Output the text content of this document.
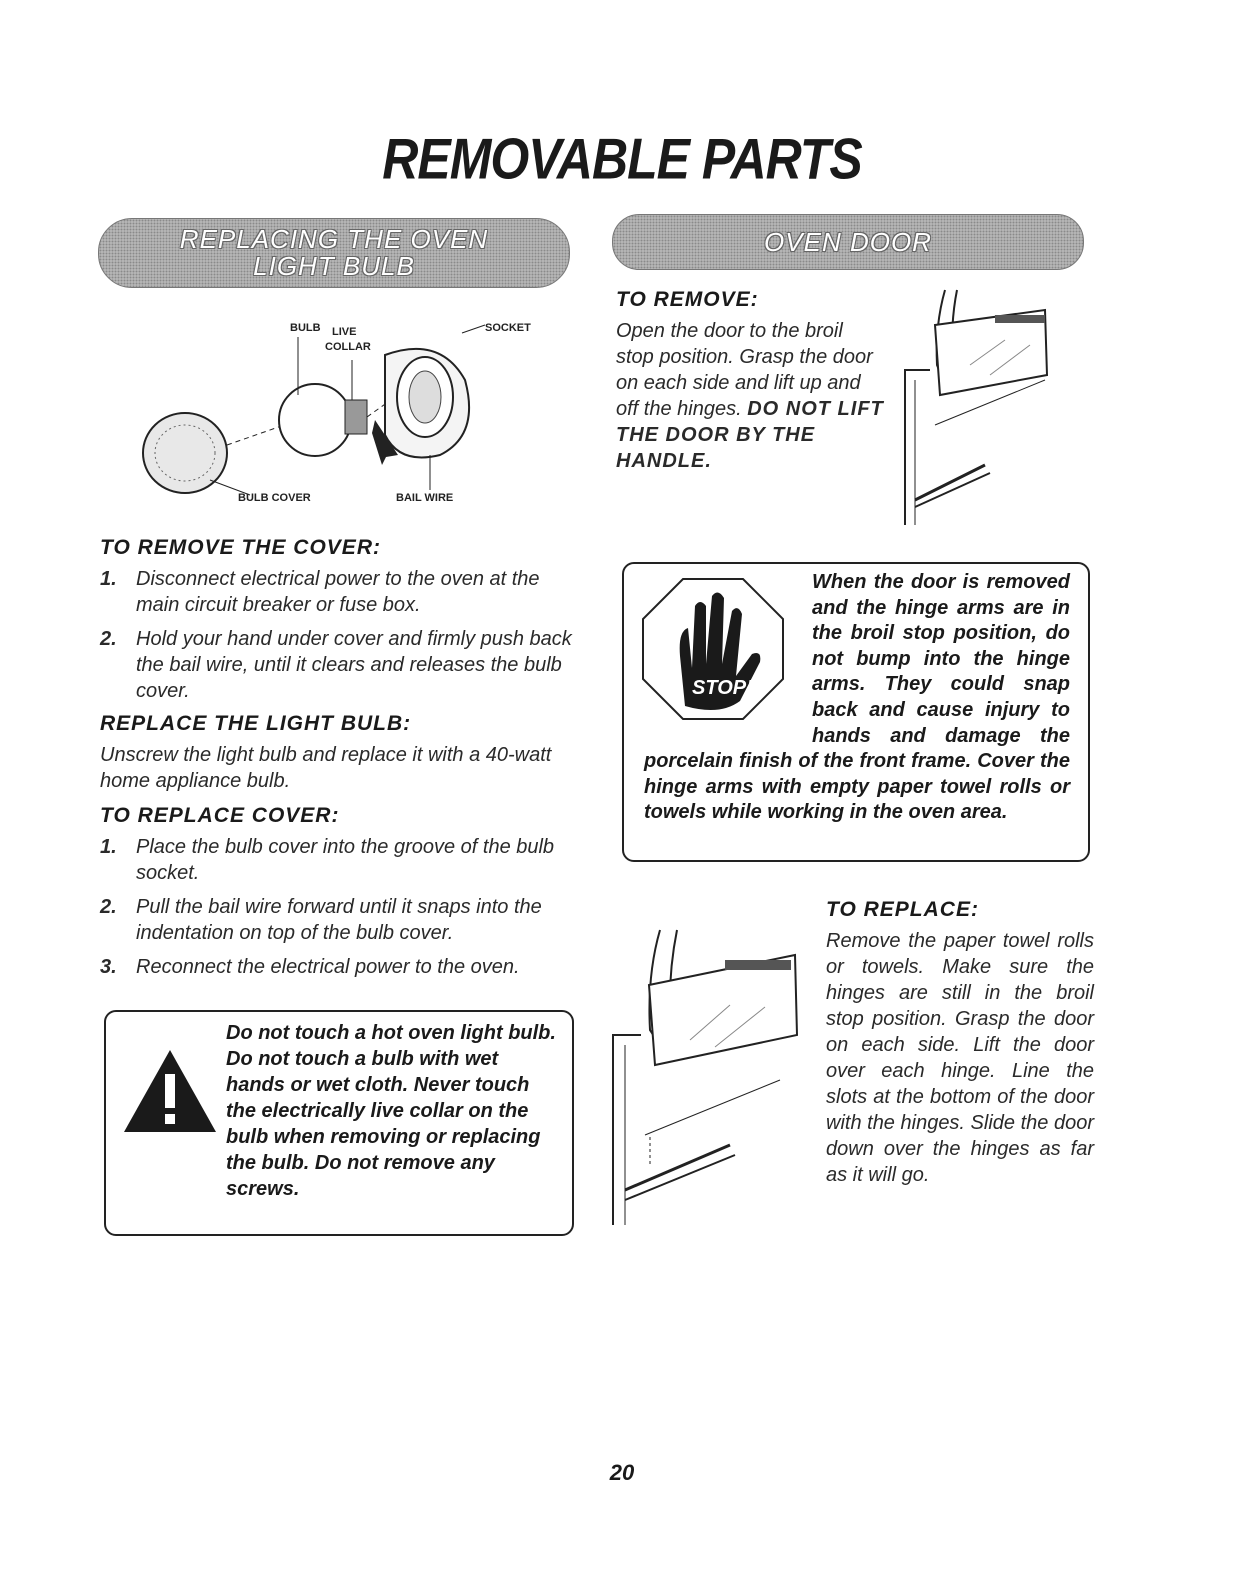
REMOVABLE PARTS
REPLACING THE OVEN LIGHT BULB
BULB LIVE
COLLAR
SOCKET
BULB COVER	BAIL WIRE
TO REMOVE THE COVER:
1. Disconnect electrical power to the oven at the main circuit breaker or fuse box.
2. Hold your hand under cover and firmly push back the bail wire, until it clears and releases the bulb cover.
REPLACE THE LIGHT BULB:
Unscrew the light bulb and replace it with a 40-watt home appliance bulb.
TO REPLACE COVER:
1. Place the bulb cover into the groove of the bulb socket.
2. Pull the bail wire forward until it snaps into the indentation on top of the bulb cover.
3. Reconnect the electrical power to the oven.
Do not touch a hot oven light bulb. Do not touch a bulb with wet hands or wet cloth. Never touch the electrically live collar on the bulb when removing or replacing the bulb. Do not remove any screws.
OVEN DOOR
TO REMOVE:
Open the door to the broil stop position. Grasp the door on each side and lift up and off the hinges. DO NOT LIFT THE DOOR BY THE HANDLE.
STOP!
When the door is removed and the hinge arms are in the broil stop position, do not bump into the hinge arms. They could snap back and cause injury to hands and damage the porcelain finish of the front frame. Cover the hinge arms with empty paper towel rolls or towels while working in the oven area.
TO REPLACE:
Remove the paper towel rolls or towels. Make sure the hinges are still in the broil stop position. Grasp the door on each side. Lift the door over each hinge. Line the slots at the bottom of the door with the hinges. Slide the door down over the hinges as far as it will go.
20
